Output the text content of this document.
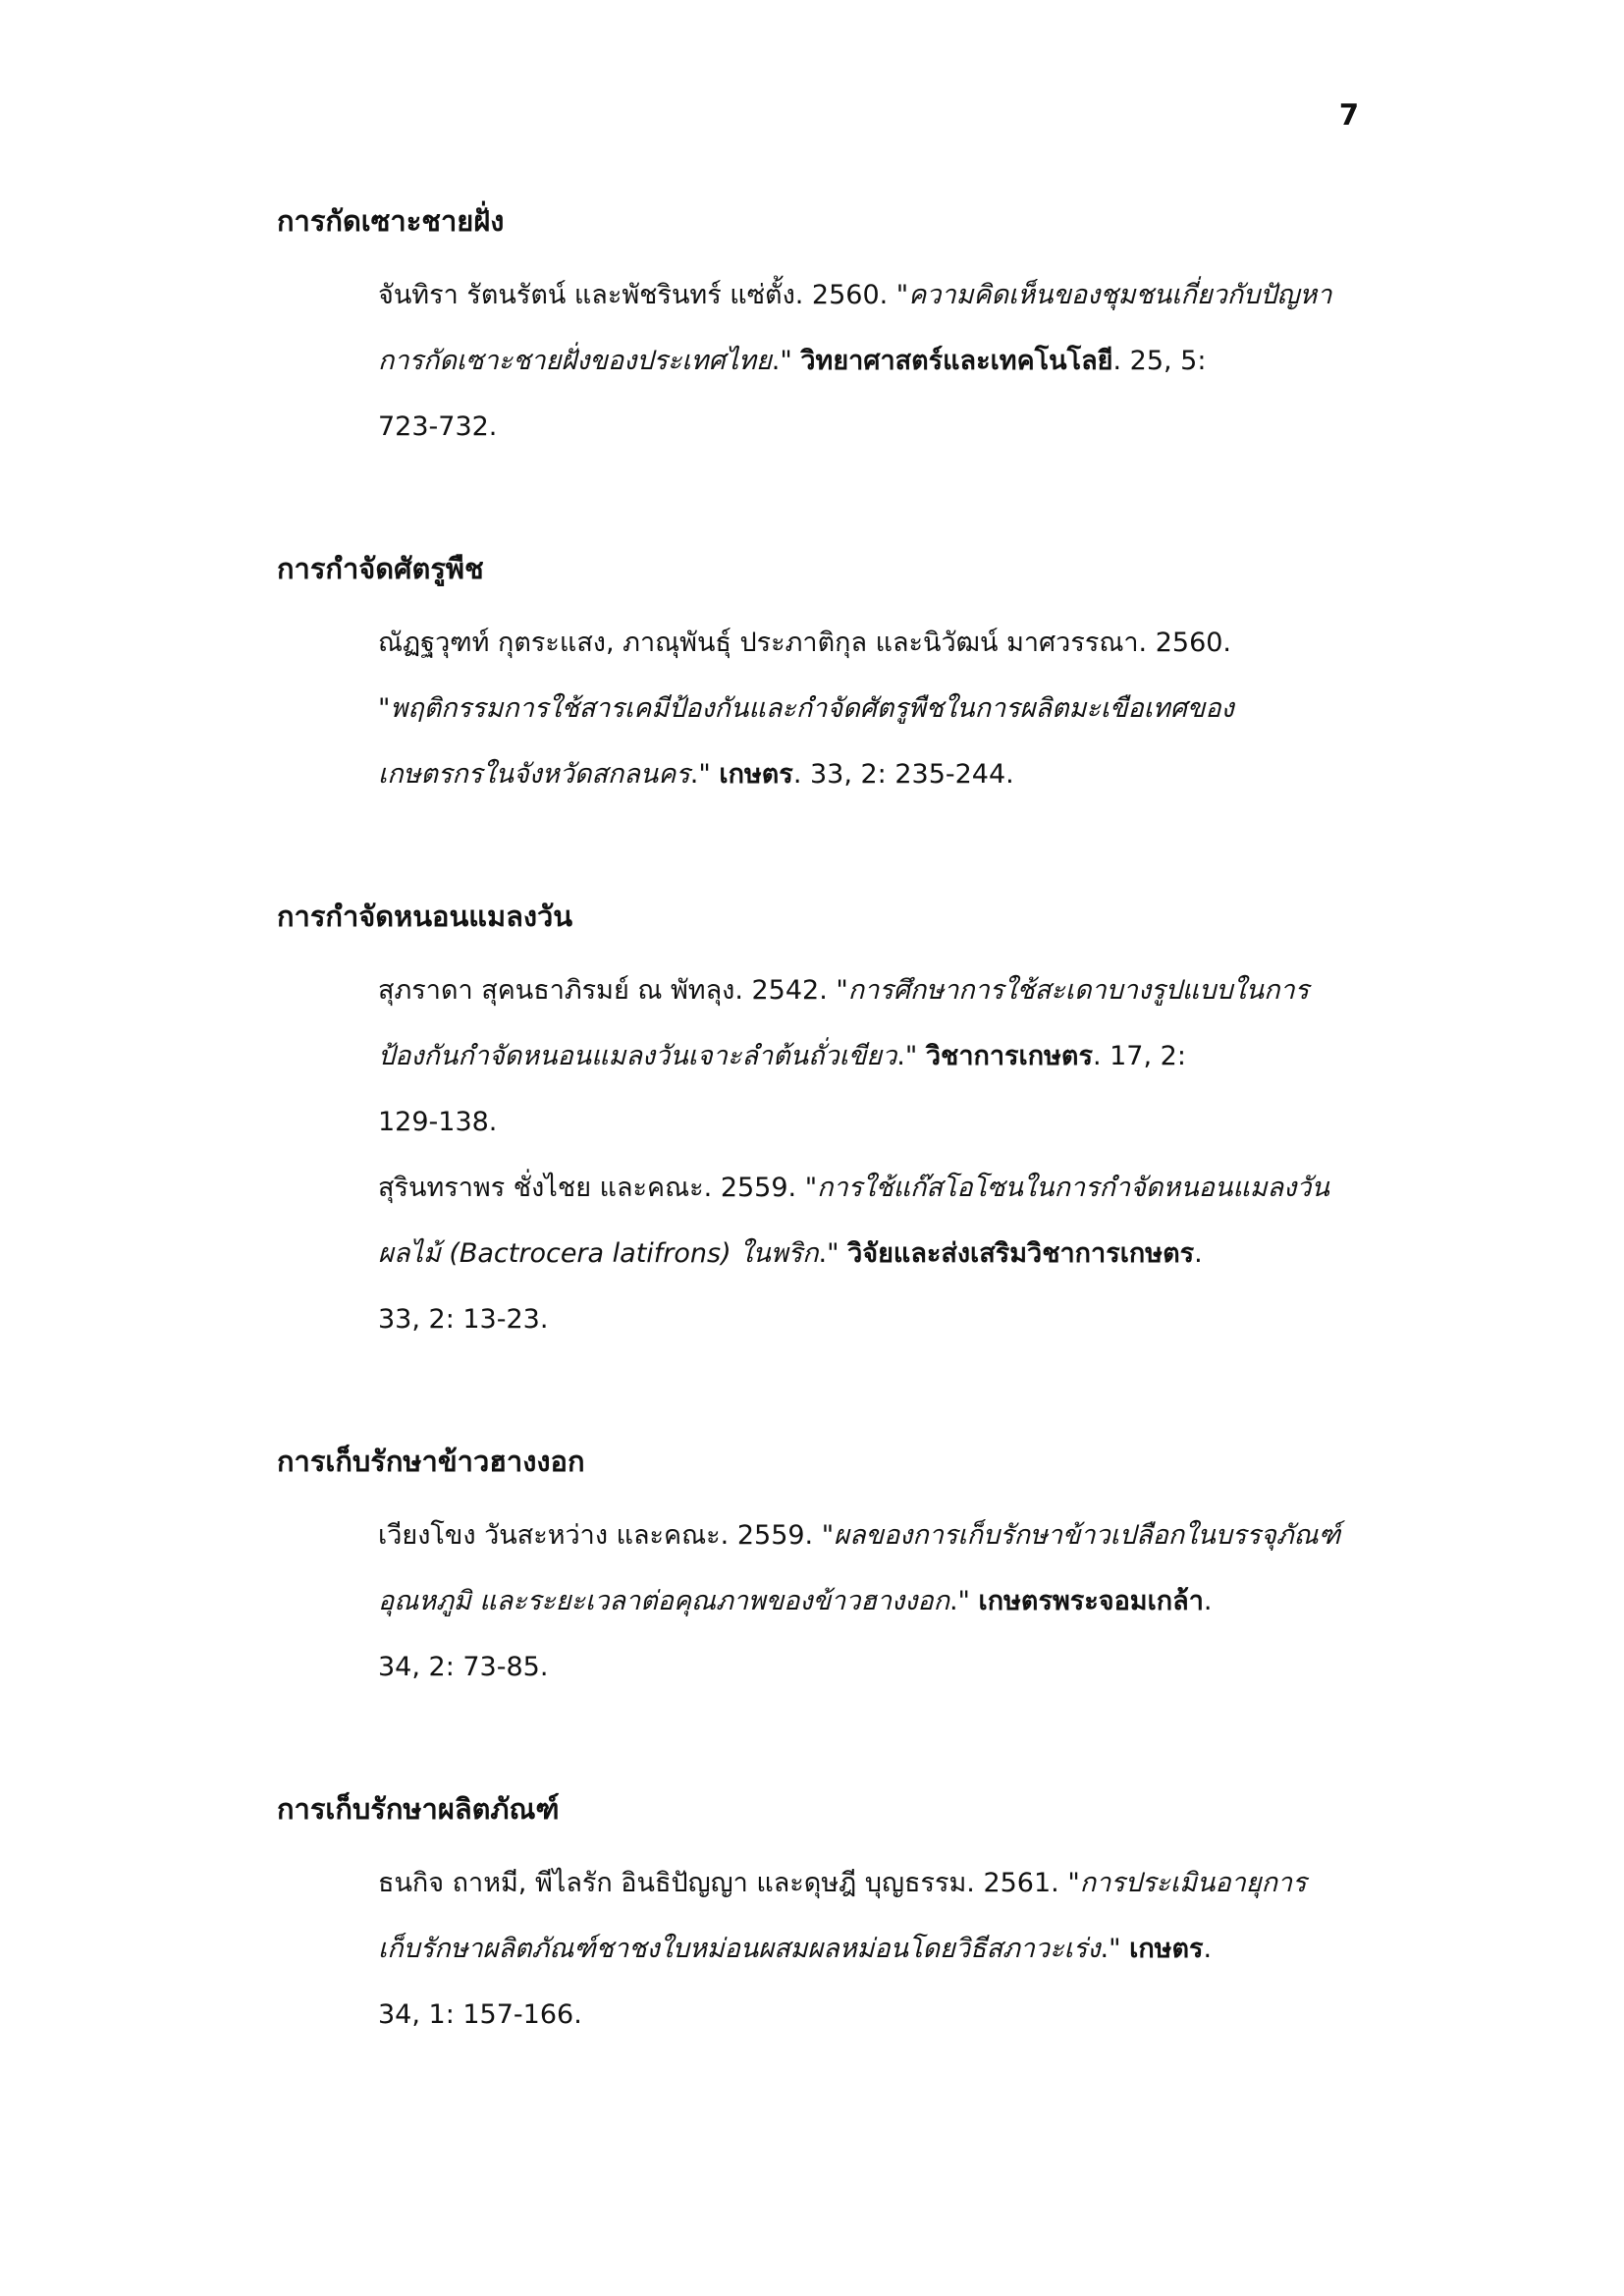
7
การกัดเซาะชายฝั่ง
จันทิรา รัตนรัตน์ และพัชรินทร์ แซ่ตั้ง. 2560. "ความคิดเห็นของชุมชนเกี่ยวกับปัญหา
การกัดเซาะชายฝั่งของประเทศไทย." วิทยาศาสตร์และเทคโนโลยี. 25, 5:
723-732.
การกำจัดศัตรูพืช
ณัฏฐวุฑท์ กุตระแสง, ภาณุพันธุ์ ประภาติกุล และนิวัฒน์ มาศวรรณา. 2560.
"พฤติกรรมการใช้สารเคมีป้องกันและกำจัดศัตรูพืชในการผลิตมะเขือเทศของ
เกษตรกรในจังหวัดสกลนคร." เกษตร. 33, 2: 235-244.
การกำจัดหนอนแมลงวัน
สุภราดา สุคนธาภิรมย์ ณ พัทลุง. 2542. "การศึกษาการใช้สะเดาบางรูปแบบในการ
ป้องกันกำจัดหนอนแมลงวันเจาะลำต้นถั่วเขียว." วิชาการเกษตร. 17, 2:
129-138.
สุรินทราพร ชั่งไชย และคณะ. 2559. "การใช้แก๊สโอโซนในการกำจัดหนอนแมลงวัน
ผลไม้ (Bactrocera latifrons) ในพริก." วิจัยและส่งเสริมวิชาการเกษตร.
33, 2: 13-23.
การเก็บรักษาข้าวฮางงอก
เวียงโขง วันสะหว่าง และคณะ. 2559. "ผลของการเก็บรักษาข้าวเปลือกในบรรจุภัณฑ์
อุณหภูมิ และระยะเวลาต่อคุณภาพของข้าวฮางงอก." เกษตรพระจอมเกล้า.
34, 2: 73-85.
การเก็บรักษาผลิตภัณฑ์
ธนกิจ ถาหมี, พีไลรัก อินธิปัญญา และดุษฎี บุญธรรม. 2561. "การประเมินอายุการ
เก็บรักษาผลิตภัณฑ์ชาชงใบหม่อนผสมผลหม่อนโดยวิธีสภาวะเร่ง." เกษตร.
34, 1: 157-166.
